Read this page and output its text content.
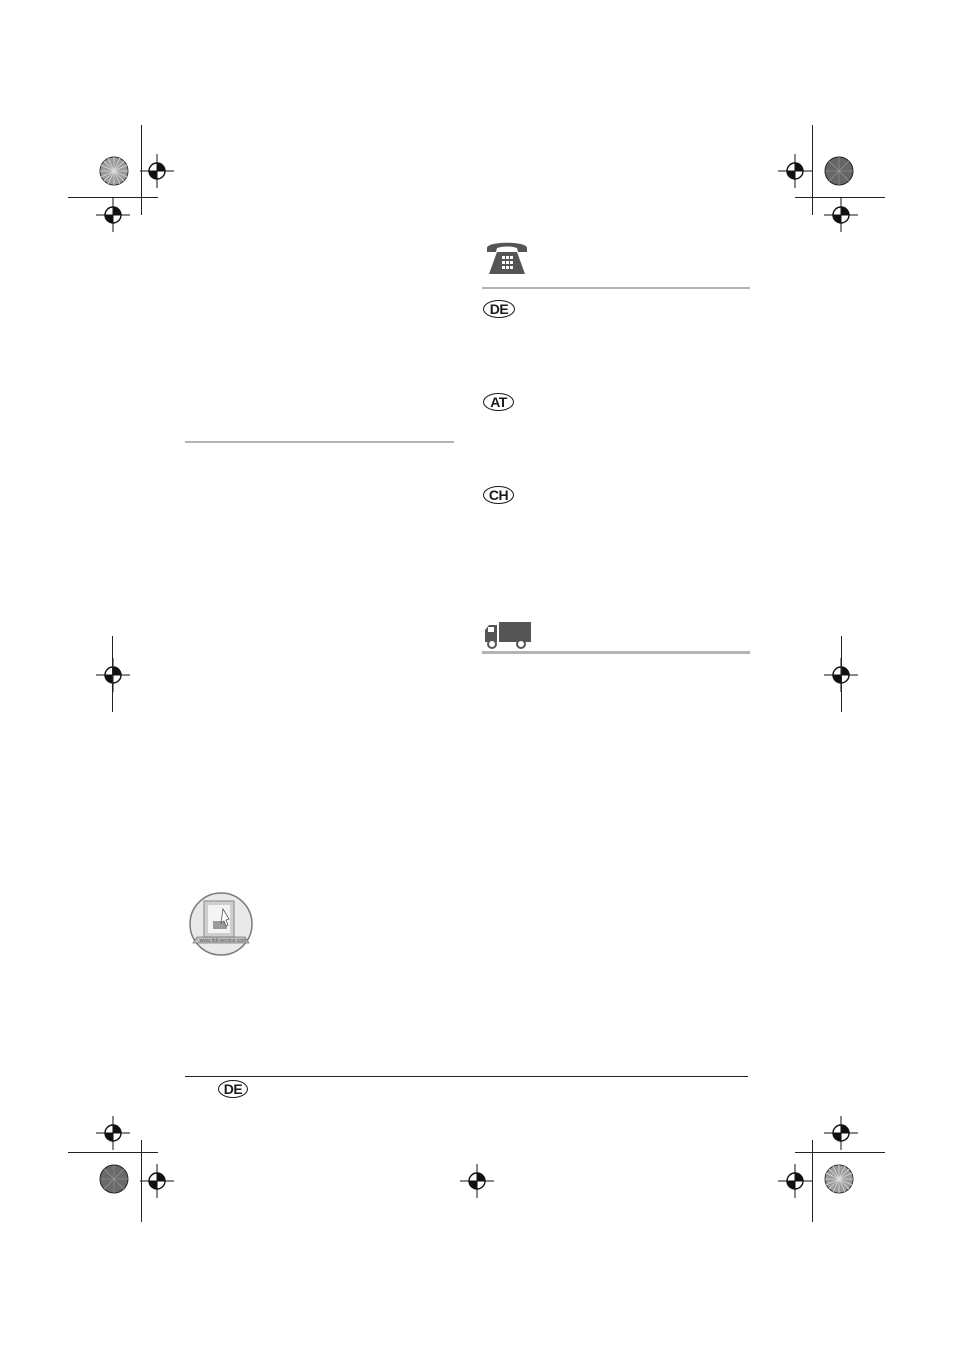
www.lidl-service.com
DE
AT
CH
DE
